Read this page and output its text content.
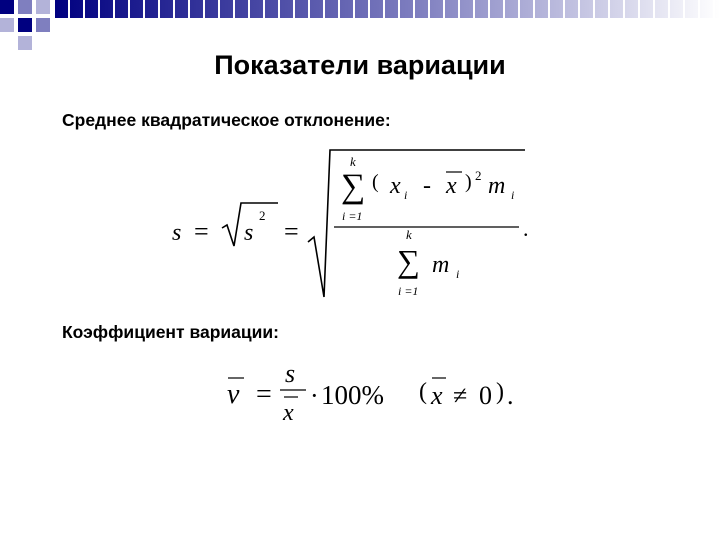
Показатели вариации
Среднее квадратическое отклонение:
Коэффициент вариации:
s = s
2
=
k
∑
i =1
( x i - x ) 2 m i
.
k
∑
i =1
m i
v =
s
x
· 100% ( x ≠ 0 ) .
